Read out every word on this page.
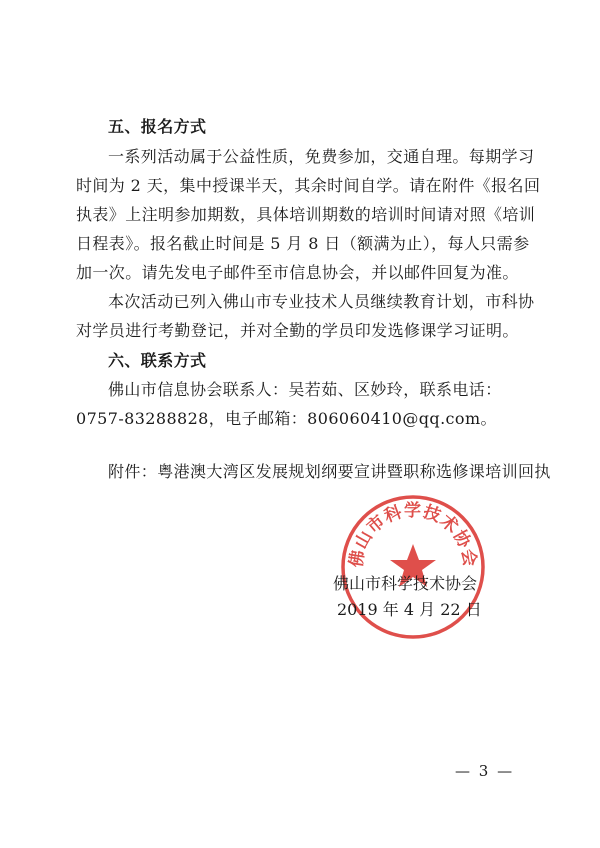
五、报名方式
一系列活动属于公益性质，免费参加，交通自理。每期学习
时间为 2 天，集中授课半天，其余时间自学。请在附件《报名回
执表》上注明参加期数，具体培训期数的培训时间请对照《培训
日程表》。报名截止时间是 5 月 8 日（额满为止），每人只需参
加一次。请先发电子邮件至市信息协会，并以邮件回复为准。
本次活动已列入佛山市专业技术人员继续教育计划，市科协
对学员进行考勤登记，并对全勤的学员印发选修课学习证明。
六、联系方式
佛山市信息协会联系人：吴若茹、区妙玲，联系电话：
0757-83288828，电子邮箱：806060410@qq.com。
附件：粤港澳大湾区发展规划纲要宣讲暨职称选修课培训回执
佛山市科学技术协会
佛山市科学技术协会
2019 年 4 月 22 日
— 3 —
